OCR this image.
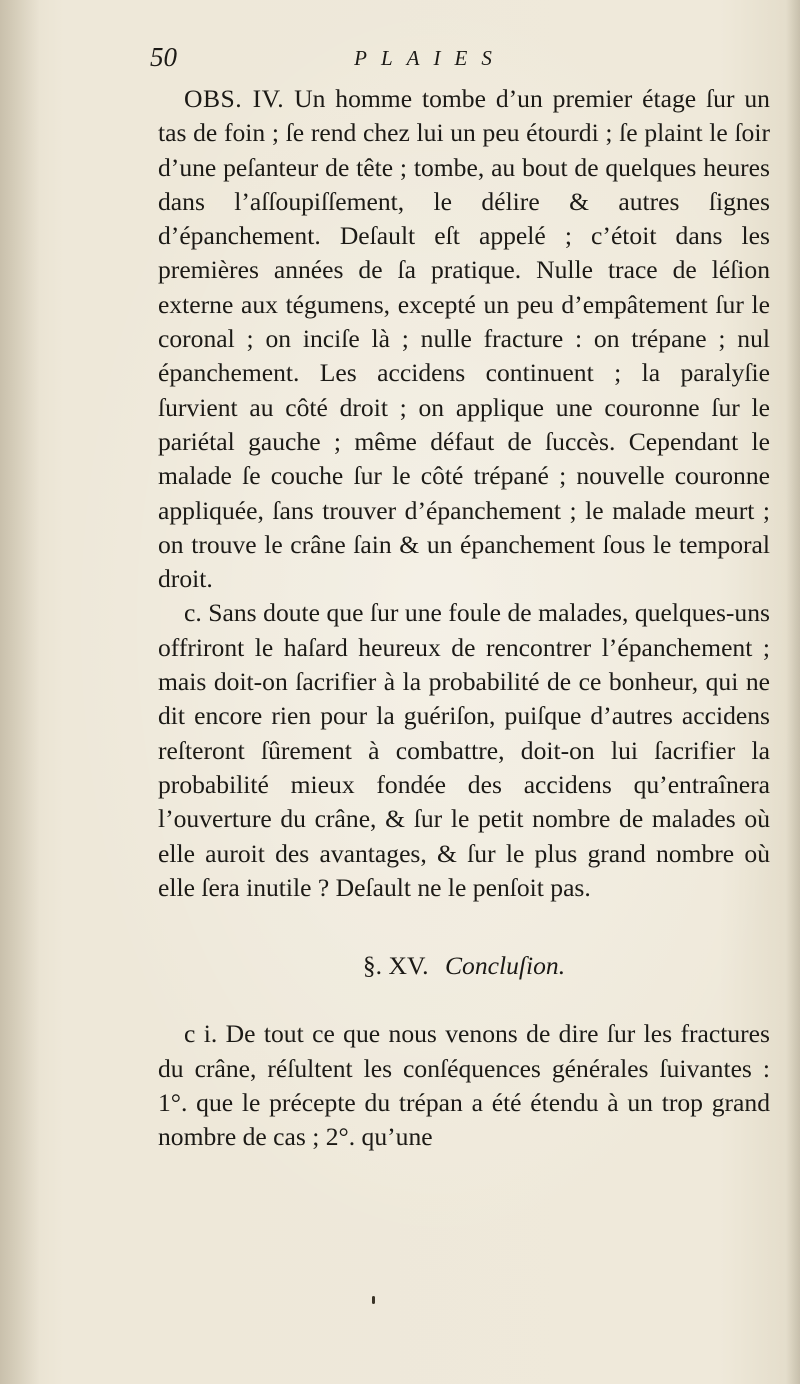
50	PLAIES

OBS. IV. Un homme tombe d’un premier étage ſur un tas de foin ; ſe rend chez lui un peu étourdi ; ſe plaint le ſoir d’une peſanteur de tête ; tombe, au bout de quelques heures dans l’aſſoupiſſement, le délire & autres ſignes d’épanchement. Deſault eſt appelé ; c’étoit dans les premières années de ſa pratique. Nulle trace de léſion externe aux tégumens, excepté un peu d’empâtement ſur le coronal ; on inciſe là ; nulle fracture : on trépane ; nul épanchement. Les accidens continuent ; la paralyſie ſurvient au côté droit ; on applique une couronne ſur le pariétal gauche ; même défaut de ſuccès. Cependant le malade ſe couche ſur le côté trépané ; nouvelle couronne appliquée, ſans trouver d’épanchement ; le malade meurt ; on trouve le crâne ſain & un épanchement ſous le temporal droit.

c. Sans doute que ſur une foule de malades, quelques-uns offriront le haſard heureux de rencontrer l’épanchement ; mais doit-on ſacrifier à la probabilité de ce bonheur, qui ne dit encore rien pour la guériſon, puiſque d’autres accidens reſteront ſûrement à combattre, doit-on lui ſacrifier la probabilité mieux fondée des accidens qu’entraînera l’ouverture du crâne, & ſur le petit nombre de malades où elle auroit des avantages, & ſur le plus grand nombre où elle ſera inutile ? Deſault ne le penſoit pas.

§. XV. Concluſion.

c i. De tout ce que nous venons de dire ſur les fractures du crâne, réſultent les conſéquences générales ſuivantes : 1°. que le précepte du trépan a été étendu à un trop grand nombre de cas ; 2°. qu’une
